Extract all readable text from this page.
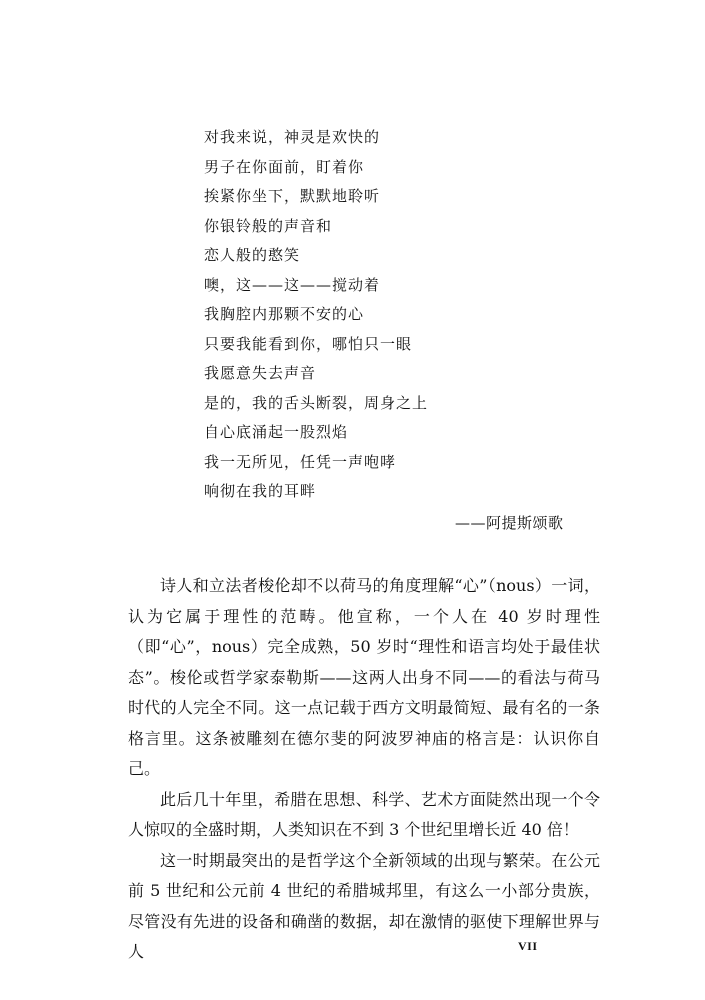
对我来说，神灵是欢快的
男子在你面前，盯着你
挨紧你坐下，默默地聆听
你银铃般的声音和
恋人般的憨笑
噢，这——这——搅动着
我胸腔内那颗不安的心
只要我能看到你，哪怕只一眼
我愿意失去声音
是的，我的舌头断裂，周身之上
自心底涌起一股烈焰
我一无所见，任凭一声咆哮
响彻在我的耳畔
——阿提斯颂歌

诗人和立法者梭伦却不以荷马的角度理解“心”（nous）一词，认为它属于理性的范畴。他宣称，一个人在 40 岁时理性（即“心”，nous）完全成熟，50 岁时“理性和语言均处于最佳状态”。梭伦或哲学家泰勒斯——这两人出身不同——的看法与荷马时代的人完全不同。这一点记载于西方文明最简短、最有名的一条格言里。这条被雕刻在德尔斐的阿波罗神庙的格言是：认识你自己。

此后几十年里，希腊在思想、科学、艺术方面陡然出现一个令人惊叹的全盛时期，人类知识在不到 3 个世纪里增长近 40 倍！

这一时期最突出的是哲学这个全新领域的出现与繁荣。在公元前 5 世纪和公元前 4 世纪的希腊城邦里，有这么一小部分贵族，尽管没有先进的设备和确凿的数据，却在激情的驱使下理解世界与人	VII
